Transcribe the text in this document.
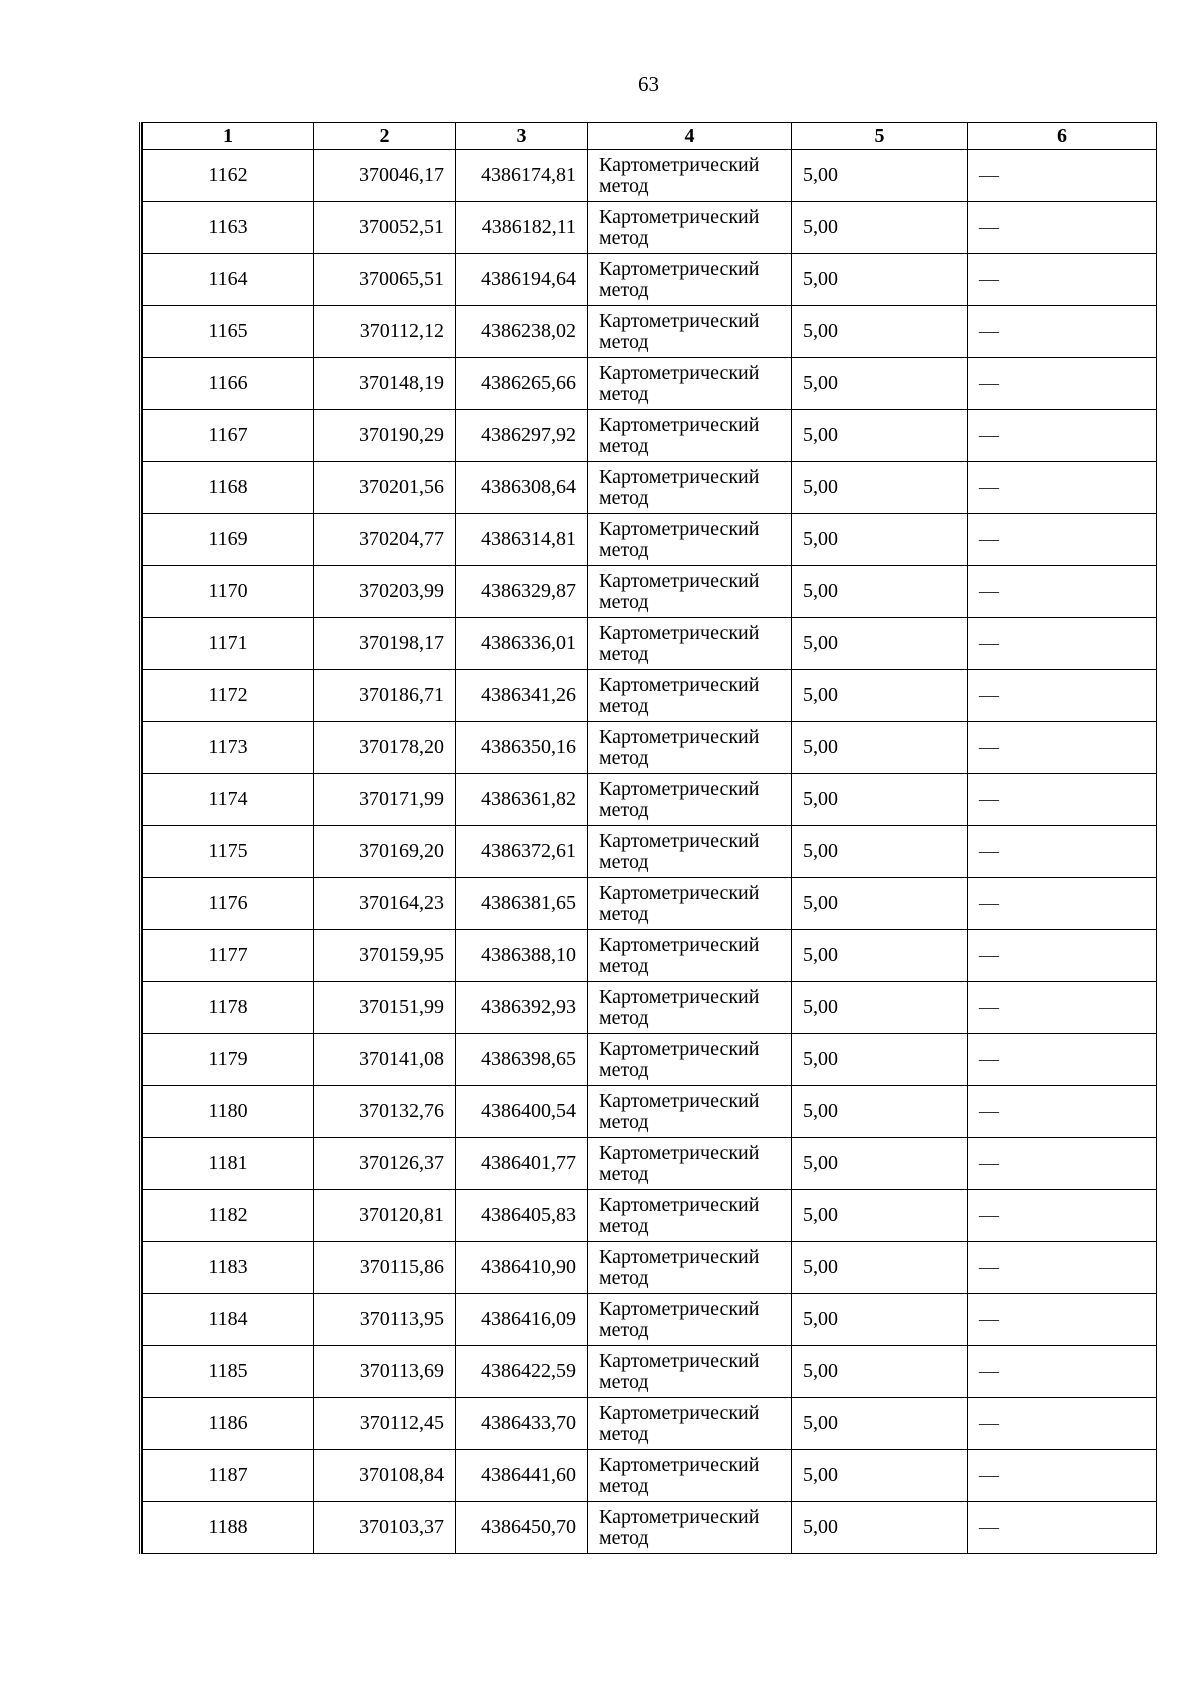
63
1	2	3	4	5	6
1162	370046,17	4386174,81	Картометрический метод	5,00	—
1163	370052,51	4386182,11	Картометрический метод	5,00	—
1164	370065,51	4386194,64	Картометрический метод	5,00	—
1165	370112,12	4386238,02	Картометрический метод	5,00	—
1166	370148,19	4386265,66	Картометрический метод	5,00	—
1167	370190,29	4386297,92	Картометрический метод	5,00	—
1168	370201,56	4386308,64	Картометрический метод	5,00	—
1169	370204,77	4386314,81	Картометрический метод	5,00	—
1170	370203,99	4386329,87	Картометрический метод	5,00	—
1171	370198,17	4386336,01	Картометрический метод	5,00	—
1172	370186,71	4386341,26	Картометрический метод	5,00	—
1173	370178,20	4386350,16	Картометрический метод	5,00	—
1174	370171,99	4386361,82	Картометрический метод	5,00	—
1175	370169,20	4386372,61	Картометрический метод	5,00	—
1176	370164,23	4386381,65	Картометрический метод	5,00	—
1177	370159,95	4386388,10	Картометрический метод	5,00	—
1178	370151,99	4386392,93	Картометрический метод	5,00	—
1179	370141,08	4386398,65	Картометрический метод	5,00	—
1180	370132,76	4386400,54	Картометрический метод	5,00	—
1181	370126,37	4386401,77	Картометрический метод	5,00	—
1182	370120,81	4386405,83	Картометрический метод	5,00	—
1183	370115,86	4386410,90	Картометрический метод	5,00	—
1184	370113,95	4386416,09	Картометрический метод	5,00	—
1185	370113,69	4386422,59	Картометрический метод	5,00	—
1186	370112,45	4386433,70	Картометрический метод	5,00	—
1187	370108,84	4386441,60	Картометрический метод	5,00	—
1188	370103,37	4386450,70	Картометрический метод	5,00	—
